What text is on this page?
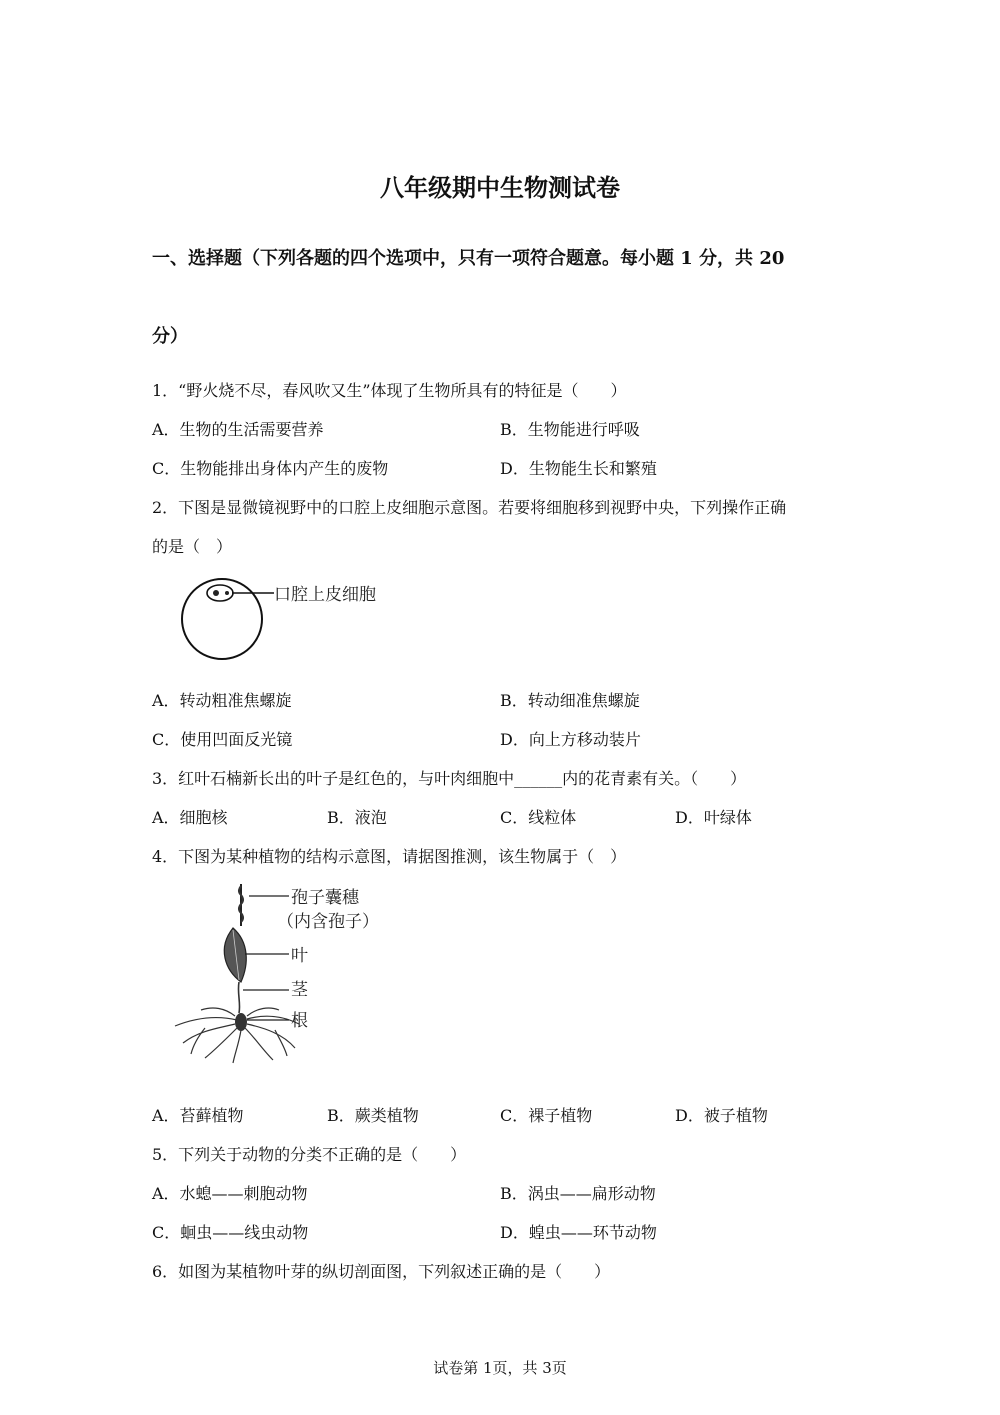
八年级期中生物测试卷
一、选择题（下列各题的四个选项中，只有一项符合题意。每小题 1 分，共 20
分）
1．“野火烧不尽，春风吹又生”体现了生物所具有的特征是（　　）
A．生物的生活需要营养	B．生物能进行呼吸
C．生物能排出身体内产生的废物	D．生物能生长和繁殖
2．下图是显微镜视野中的口腔上皮细胞示意图。若要将细胞移到视野中央，下列操作正确
的是（　）
口腔上皮细胞
A．转动粗准焦螺旋	B．转动细准焦螺旋
C．使用凹面反光镜	D．向上方移动装片
3．红叶石楠新长出的叶子是红色的，与叶肉细胞中______内的花青素有关。（　　）
A．细胞核	B．液泡	C．线粒体	D．叶绿体
4．下图为某种植物的结构示意图，请据图推测，该生物属于（　）
孢子囊穗
（内含孢子）
叶
茎
根
A．苔藓植物	B．蕨类植物	C．裸子植物	D．被子植物
5．下列关于动物的分类不正确的是（　　）
A．水螅——刺胞动物	B．涡虫——扁形动物
C．蛔虫——线虫动物	D．蝗虫——环节动物
6．如图为某植物叶芽的纵切剖面图，下列叙述正确的是（　　）
试卷第 1页，共 3页
